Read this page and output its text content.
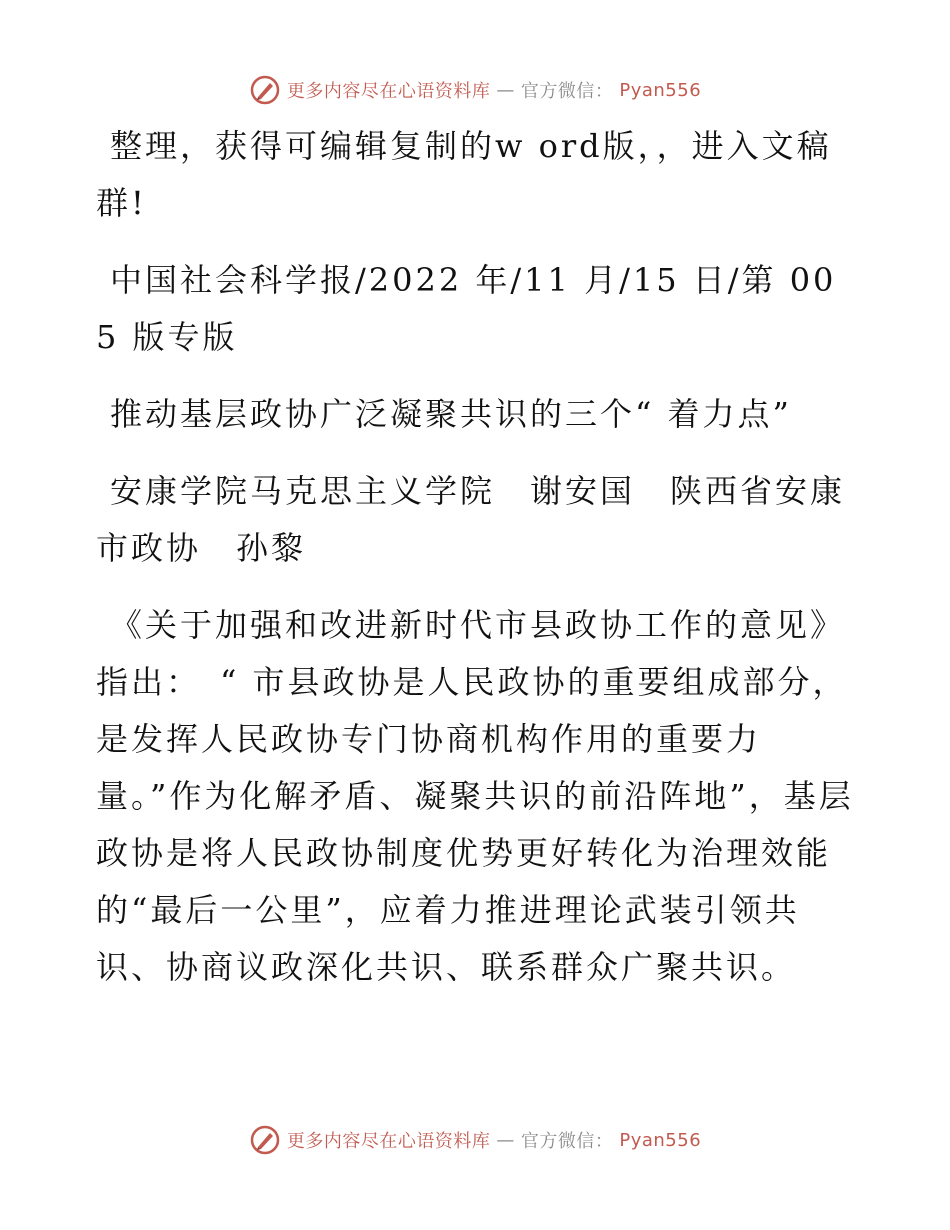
更多内容尽在心语资料库 — 官方微信： Pyan556

整理，获得可编辑复制的w ord版，，进入文稿群!

中国社会科学报/2022 年/11 月/15 日/第 005 版专版

推动基层政协广泛凝聚共识的三个“ 着力点”

安康学院马克思主义学院　谢安国　陕西省安康市政协　孙黎

《关于加强和改进新时代市县政协工作的意见》指出：　“ 市县政协是人民政协的重要组成部分，是发挥人民政协专门协商机构作用的重要力量。”作为化解矛盾、凝聚共识的前沿阵地”，基层政协是将人民政协制度优势更好转化为治理效能的“最后一公里”，应着力推进理论武装引领共识、协商议政深化共识、联系群众广聚共识。

更多内容尽在心语资料库 — 官方微信： Pyan556
